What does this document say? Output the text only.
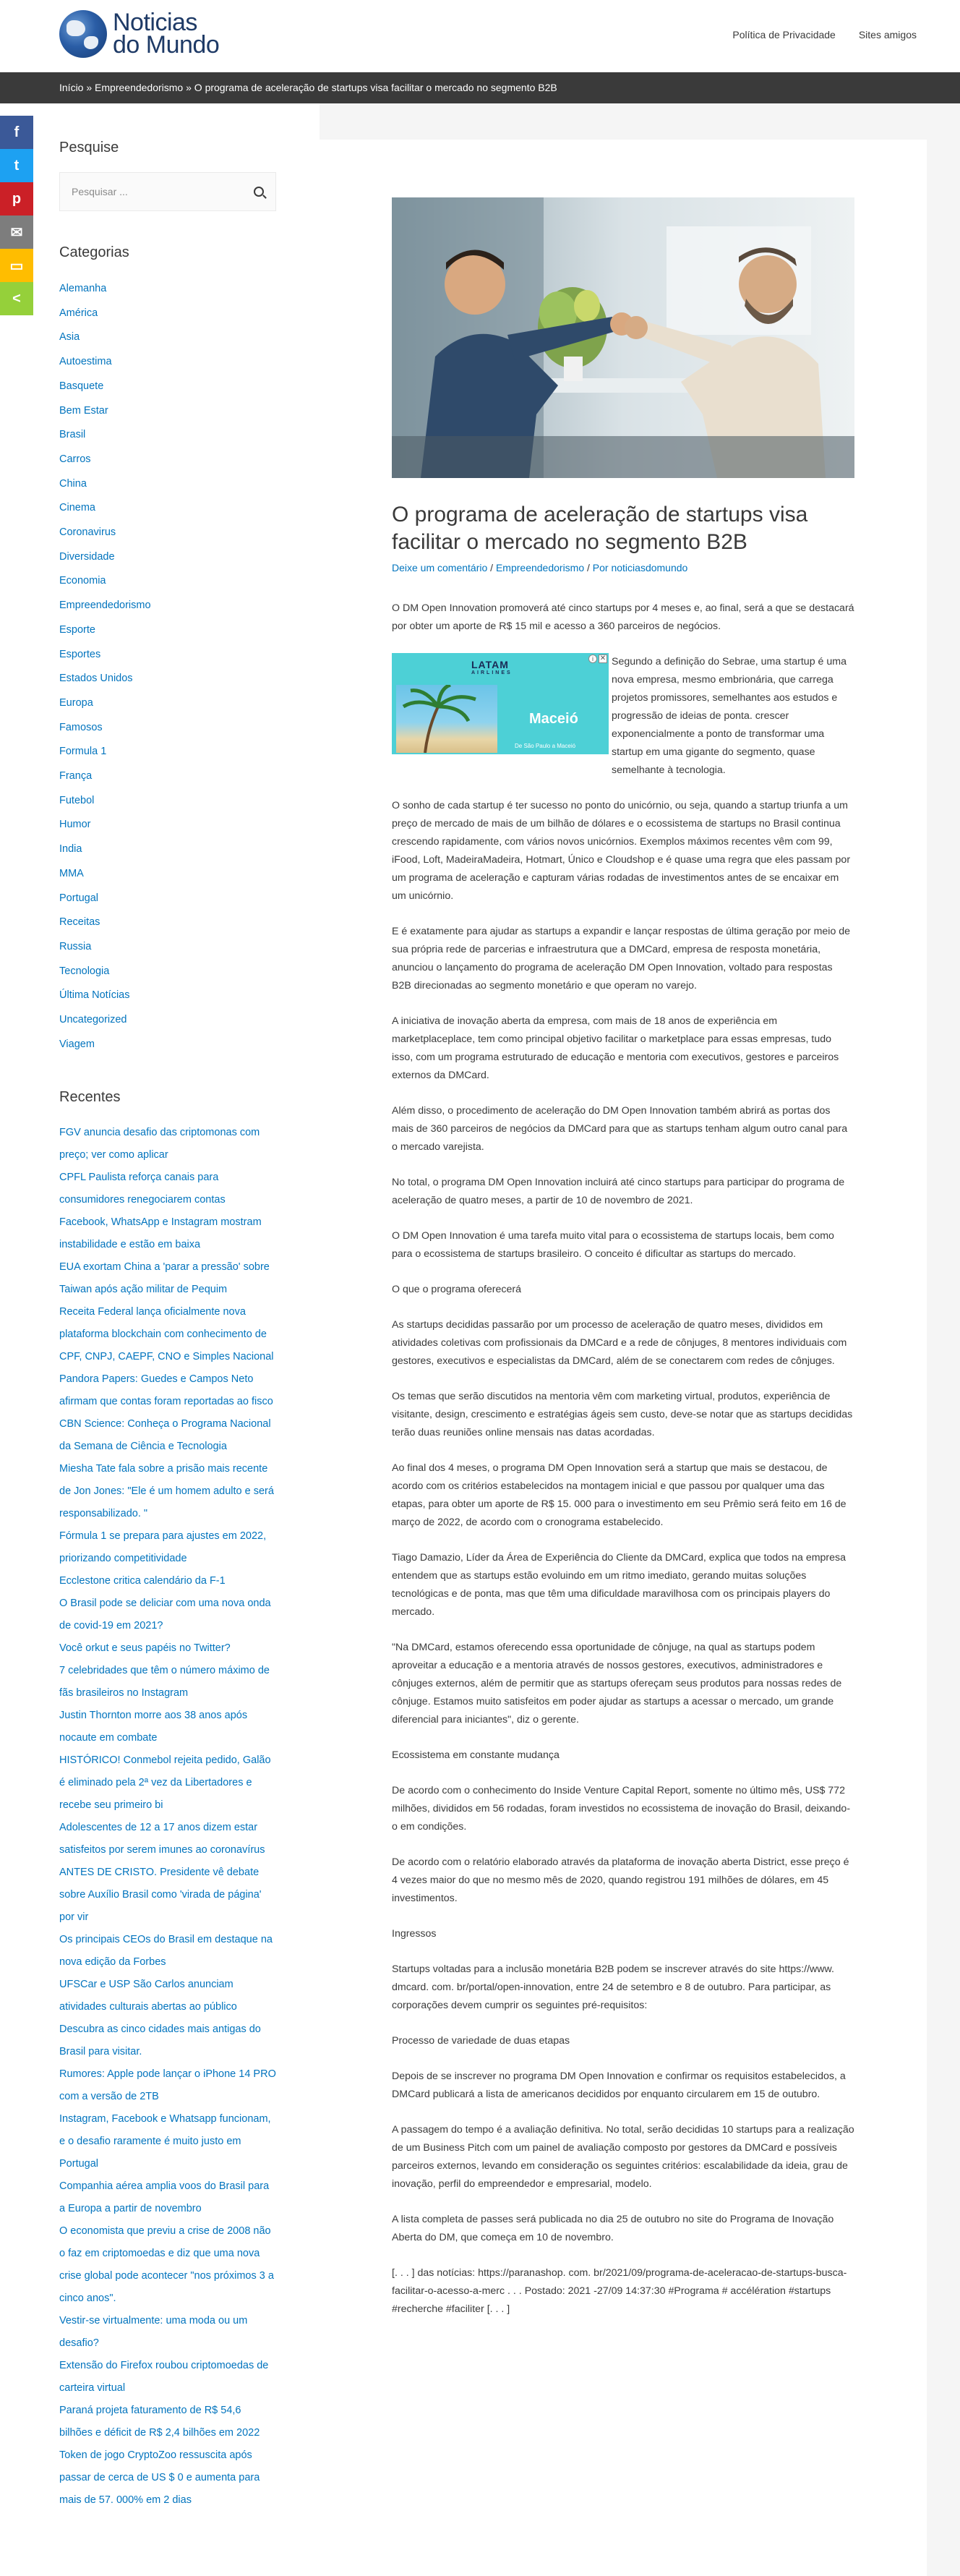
Noticias
do Mundo	Política de Privacidade Sites amigos
Início » Empreendedorismo » O programa de aceleração de startups visa facilitar o mercado no segmento B2B
f
t
p
✉
▭
<
Pesquise
Pesquisar ...
Categorias
Alemanha
América
Asia
Autoestima
Basquete
Bem Estar
Brasil
Carros
China
Cinema
Coronavirus
Diversidade
Economia
Empreendedorismo
Esporte
Esportes
Estados Unidos
Europa
Famosos
Formula 1
França
Futebol
Humor
India
MMA
Portugal
Receitas
Russia
Tecnologia
Última Notícias
Uncategorized
Viagem
Recentes
FGV anuncia desafio das criptomonas com preço; ver como aplicar
CPFL Paulista reforça canais para consumidores renegociarem contas
Facebook, WhatsApp e Instagram mostram instabilidade e estão em baixa
EUA exortam China a 'parar a pressão' sobre Taiwan após ação militar de Pequim
Receita Federal lança oficialmente nova plataforma blockchain com conhecimento de CPF, CNPJ, CAEPF, CNO e Simples Nacional
Pandora Papers: Guedes e Campos Neto afirmam que contas foram reportadas ao fisco
CBN Science: Conheça o Programa Nacional da Semana de Ciência e Tecnologia
Miesha Tate fala sobre a prisão mais recente de Jon Jones: "Ele é um homem adulto e será responsabilizado. "
Fórmula 1 se prepara para ajustes em 2022, priorizando competitividade
Ecclestone critica calendário da F-1
O Brasil pode se deliciar com uma nova onda de covid-19 em 2021?
Você orkut e seus papéis no Twitter?
7 celebridades que têm o número máximo de fãs brasileiros no Instagram
Justin Thornton morre aos 38 anos após nocaute em combate
HISTÓRICO! Conmebol rejeita pedido, Galão é eliminado pela 2ª vez da Libertadores e recebe seu primeiro bi
Adolescentes de 12 a 17 anos dizem estar satisfeitos por serem imunes ao coronavírus
ANTES DE CRISTO. Presidente vê debate sobre Auxílio Brasil como 'virada de página' por vir
Os principais CEOs do Brasil em destaque na nova edição da Forbes
UFSCar e USP São Carlos anunciam atividades culturais abertas ao público
Descubra as cinco cidades mais antigas do Brasil para visitar.
Rumores: Apple pode lançar o iPhone 14 PRO com a versão de 2TB
Instagram, Facebook e Whatsapp funcionam, e o desafio raramente é muito justo em Portugal
Companhia aérea amplia voos do Brasil para a Europa a partir de novembro
O economista que previu a crise de 2008 não o faz em criptomoedas e diz que uma nova crise global pode acontecer "nos próximos 3 a cinco anos".
Vestir-se virtualmente: uma moda ou um desafio?
Extensão do Firefox roubou criptomoedas de carteira virtual
Paraná projeta faturamento de R$ 54,6 bilhões e déficit de R$ 2,4 bilhões em 2022
Token de jogo CryptoZoo ressuscita após passar de cerca de US $ 0 e aumenta para mais de 57. 000% em 2 dias
O programa de aceleração de startups visa facilitar o mercado no segmento B2B
Deixe um comentário / Empreendedorismo / Por noticiasdomundo

O DM Open Innovation promoverá até cinco startups por 4 meses e, ao final, será a que se destacará por obter um aporte de R$ 15 mil e acesso a 360 parceiros de negócios.

LATAM
AIRLINES
Maceió
De São Paulo a Maceió
i ✕ Segundo a definição do Sebrae, uma startup é uma nova empresa, mesmo embrionária, que carrega projetos promissores, semelhantes aos estudos e progressão de ideias de ponta. crescer exponencialmente a ponto de transformar uma startup em uma gigante do segmento, quase semelhante à tecnologia.

O sonho de cada startup é ter sucesso no ponto do unicórnio, ou seja, quando a startup triunfa a um preço de mercado de mais de um bilhão de dólares e o ecossistema de startups no Brasil continua crescendo rapidamente, com vários novos unicórnios. Exemplos máximos recentes vêm com 99, iFood, Loft, MadeiraMadeira, Hotmart, Único e Cloudshop e é quase uma regra que eles passam por um programa de aceleração e capturam várias rodadas de investimentos antes de se encaixar em um unicórnio.

E é exatamente para ajudar as startups a expandir e lançar respostas de última geração por meio de sua própria rede de parcerias e infraestrutura que a DMCard, empresa de resposta monetária, anunciou o lançamento do programa de aceleração DM Open Innovation, voltado para respostas B2B direcionadas ao segmento monetário e que operam no varejo.

A iniciativa de inovação aberta da empresa, com mais de 18 anos de experiência em marketplaceplace, tem como principal objetivo facilitar o marketplace para essas empresas, tudo isso, com um programa estruturado de educação e mentoria com executivos, gestores e parceiros externos da DMCard.

Além disso, o procedimento de aceleração do DM Open Innovation também abrirá as portas dos mais de 360 parceiros de negócios da DMCard para que as startups tenham algum outro canal para o mercado varejista.

No total, o programa DM Open Innovation incluirá até cinco startups para participar do programa de aceleração de quatro meses, a partir de 10 de novembro de 2021.

O DM Open Innovation é uma tarefa muito vital para o ecossistema de startups locais, bem como para o ecossistema de startups brasileiro. O conceito é dificultar as startups do mercado.

O que o programa oferecerá

As startups decididas passarão por um processo de aceleração de quatro meses, divididos em atividades coletivas com profissionais da DMCard e a rede de cônjuges, 8 mentores individuais com gestores, executivos e especialistas da DMCard, além de se conectarem com redes de cônjuges.

Os temas que serão discutidos na mentoria vêm com marketing virtual, produtos, experiência de visitante, design, crescimento e estratégias ágeis sem custo, deve-se notar que as startups decididas terão duas reuniões online mensais nas datas acordadas.

Ao final dos 4 meses, o programa DM Open Innovation será a startup que mais se destacou, de acordo com os critérios estabelecidos na montagem inicial e que passou por qualquer uma das etapas, para obter um aporte de R$ 15. 000 para o investimento em seu Prêmio será feito em 16 de março de 2022, de acordo com o cronograma estabelecido.

Tiago Damazio, Líder da Área de Experiência do Cliente da DMCard, explica que todos na empresa entendem que as startups estão evoluindo em um ritmo imediato, gerando muitas soluções tecnológicas e de ponta, mas que têm uma dificuldade maravilhosa com os principais players do mercado.

"Na DMCard, estamos oferecendo essa oportunidade de cônjuge, na qual as startups podem aproveitar a educação e a mentoria através de nossos gestores, executivos, administradores e cônjuges externos, além de permitir que as startups ofereçam seus produtos para nossas redes de cônjuge. Estamos muito satisfeitos em poder ajudar as startups a acessar o mercado, um grande diferencial para iniciantes", diz o gerente.

Ecossistema em constante mudança

De acordo com o conhecimento do Inside Venture Capital Report, somente no último mês, US$ 772 milhões, divididos em 56 rodadas, foram investidos no ecossistema de inovação do Brasil, deixando-o em condições.

De acordo com o relatório elaborado através da plataforma de inovação aberta District, esse preço é 4 vezes maior do que no mesmo mês de 2020, quando registrou 191 milhões de dólares, em 45 investimentos.

Ingressos

Startups voltadas para a inclusão monetária B2B podem se inscrever através do site https://www. dmcard. com. br/portal/open-innovation, entre 24 de setembro e 8 de outubro. Para participar, as corporações devem cumprir os seguintes pré-requisitos:

Processo de variedade de duas etapas

Depois de se inscrever no programa DM Open Innovation e confirmar os requisitos estabelecidos, a DMCard publicará a lista de americanos decididos por enquanto circularem em 15 de outubro.

A passagem do tempo é a avaliação definitiva. No total, serão decididas 10 startups para a realização de um Business Pitch com um painel de avaliação composto por gestores da DMCard e possíveis parceiros externos, levando em consideração os seguintes critérios: escalabilidade da ideia, grau de inovação, perfil do empreendedor e empresarial, modelo.

A lista completa de passes será publicada no dia 25 de outubro no site do Programa de Inovação Aberta do DM, que começa em 10 de novembro.

[. . . ] das notícias: https://paranashop. com. br/2021/09/programa-de-aceleracao-de-startups-busca-facilitar-o-acesso-a-merc . . . Postado: 2021 -27/09 14:37:30 #Programa # accélération #startups #recherche #faciliter [. . . ]
